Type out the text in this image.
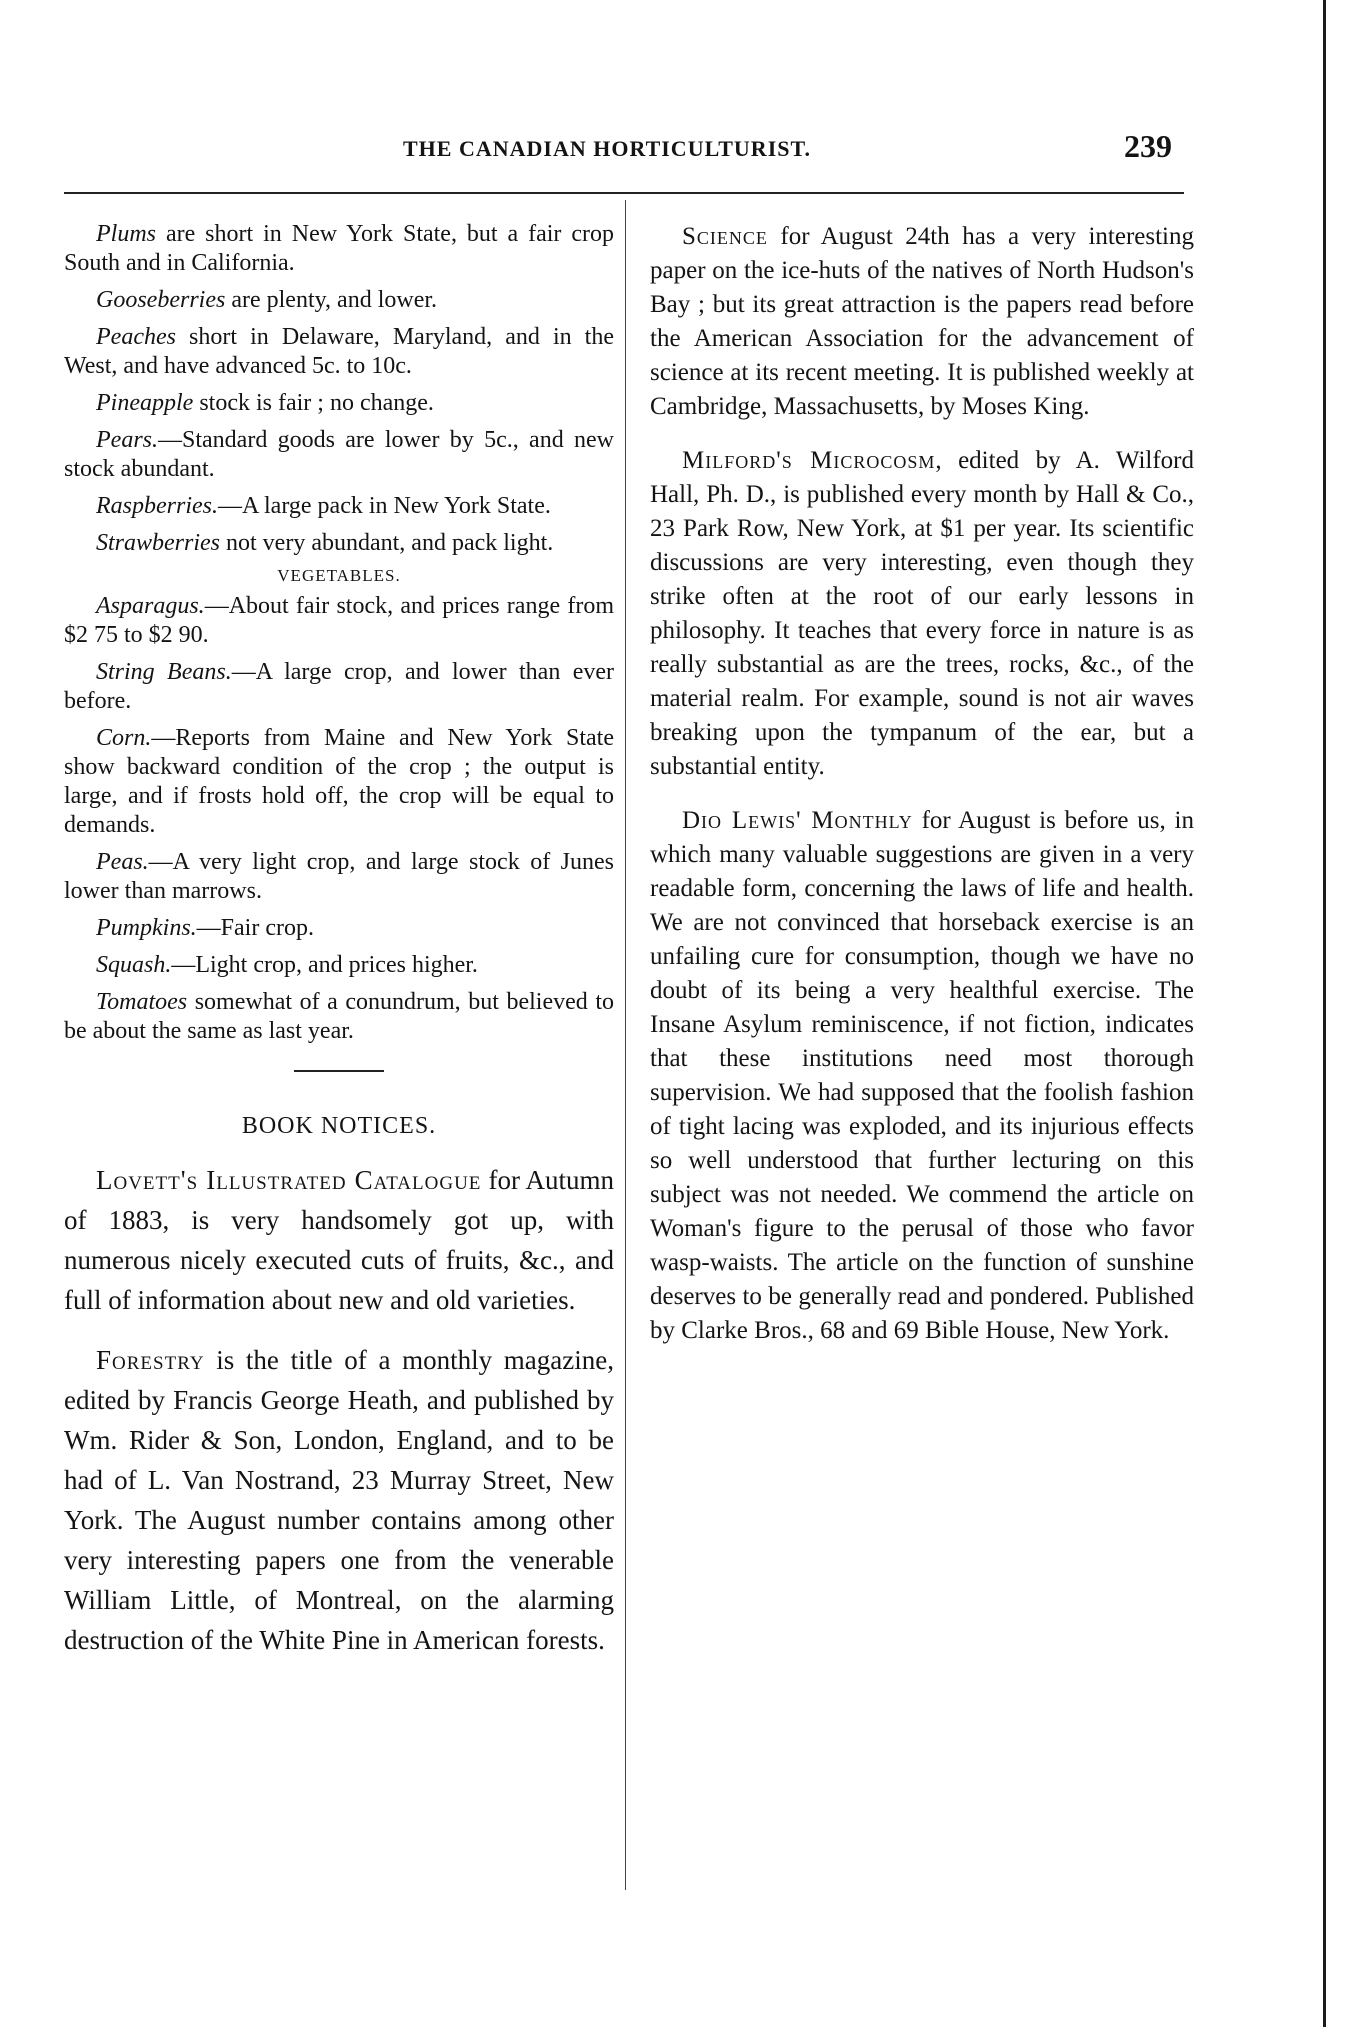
THE CANADIAN HORTICULTURIST.	239

Plums are short in New York State, but a fair crop South and in California.

Gooseberries are plenty, and lower.

Peaches short in Delaware, Maryland, and in the West, and have advanced 5c. to 10c.

Pineapple stock is fair ; no change.

Pears.—Standard goods are lower by 5c., and new stock abundant.

Raspberries.—A large pack in New York State.

Strawberries not very abundant, and pack light.

VEGETABLES.

Asparagus.—About fair stock, and prices range from $2 75 to $2 90.

String Beans.—A large crop, and lower than ever before.

Corn.—Reports from Maine and New York State show backward condition of the crop ; the output is large, and if frosts hold off, the crop will be equal to demands.

Peas.—A very light crop, and large stock of Junes lower than marrows.

Pumpkins.—Fair crop.

Squash.—Light crop, and prices higher.

Tomatoes somewhat of a conundrum, but believed to be about the same as last year.

BOOK NOTICES.

Lovett's Illustrated Catalogue for Autumn of 1883, is very handsomely got up, with numerous nicely executed cuts of fruits, &c., and full of information about new and old varieties.

Forestry is the title of a monthly magazine, edited by Francis George Heath, and published by Wm. Rider & Son, London, England, and to be had of L. Van Nostrand, 23 Murray Street, New York. The August number contains among other very interesting papers one from the venerable William Little, of Montreal, on the alarming destruction of the White Pine in American forests.

Science for August 24th has a very interesting paper on the ice-huts of the natives of North Hudson's Bay ; but its great attraction is the papers read before the American Association for the advancement of science at its recent meeting. It is published weekly at Cambridge, Massachusetts, by Moses King.

Milford's Microcosm, edited by A. Wilford Hall, Ph. D., is published every month by Hall & Co., 23 Park Row, New York, at $1 per year. Its scientific discussions are very interesting, even though they strike often at the root of our early lessons in philosophy. It teaches that every force in nature is as really substantial as are the trees, rocks, &c., of the material realm. For example, sound is not air waves breaking upon the tympanum of the ear, but a substantial entity.

Dio Lewis' Monthly for August is before us, in which many valuable suggestions are given in a very readable form, concerning the laws of life and health. We are not convinced that horseback exercise is an unfailing cure for consumption, though we have no doubt of its being a very healthful exercise. The Insane Asylum reminiscence, if not fiction, indicates that these institutions need most thorough supervision. We had supposed that the foolish fashion of tight lacing was exploded, and its injurious effects so well understood that further lecturing on this subject was not needed. We commend the article on Woman's figure to the perusal of those who favor wasp-waists. The article on the function of sunshine deserves to be generally read and pondered. Published by Clarke Bros., 68 and 69 Bible House, New York.
